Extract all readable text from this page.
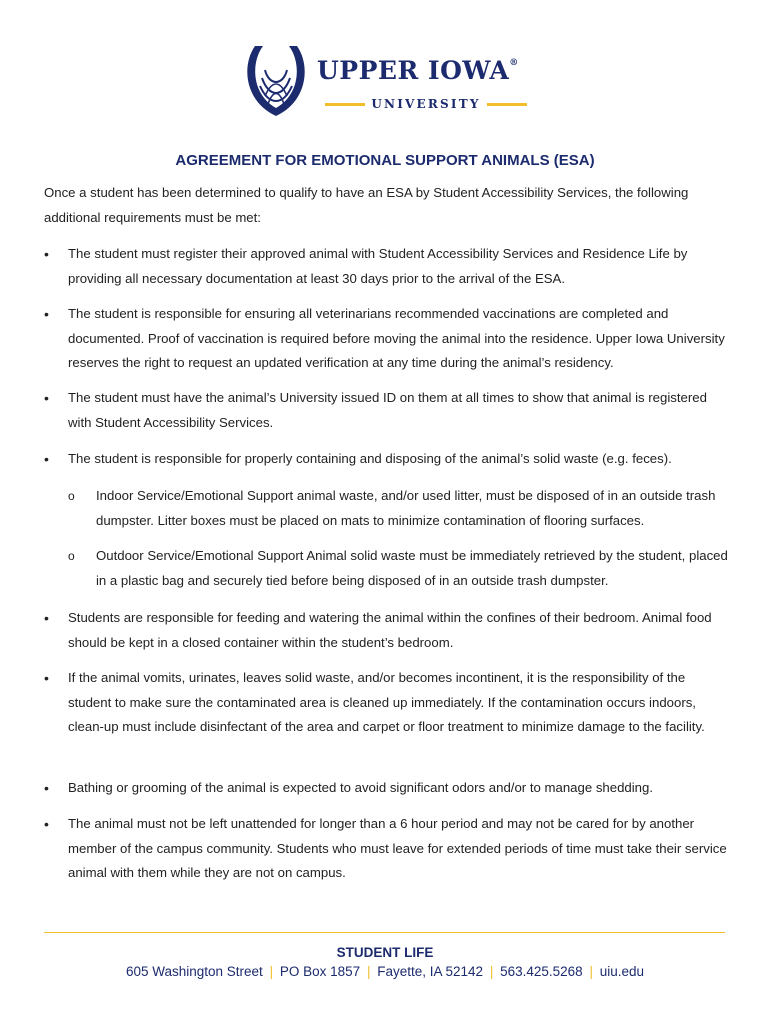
UPPER IOWA®
UNIVERSITY
AGREEMENT FOR EMOTIONAL SUPPORT ANIMALS (ESA)

Once a student has been determined to qualify to have an ESA by Student Accessibility Services, the following additional requirements must be met:

• The student must register their approved animal with Student Accessibility Services and Residence Life by providing all necessary documentation at least 30 days prior to the arrival of the ESA.
• The student is responsible for ensuring all veterinarians recommended vaccinations are completed and documented. Proof of vaccination is required before moving the animal into the residence. Upper Iowa University reserves the right to request an updated verification at any time during the animal’s residency.
• The student must have the animal’s University issued ID on them at all times to show that animal is registered with Student Accessibility Services.
• The student is responsible for properly containing and disposing of the animal’s solid waste (e.g. feces).
o Indoor Service/Emotional Support animal waste, and/or used litter, must be disposed of in an outside trash dumpster. Litter boxes must be placed on mats to minimize contamination of flooring surfaces.
o Outdoor Service/Emotional Support Animal solid waste must be immediately retrieved by the student, placed in a plastic bag and securely tied before being disposed of in an outside trash dumpster.
• Students are responsible for feeding and watering the animal within the confines of their bedroom. Animal food should be kept in a closed container within the student’s bedroom.
• If the animal vomits, urinates, leaves solid waste, and/or becomes incontinent, it is the responsibility of the student to make sure the contaminated area is cleaned up immediately. If the contamination occurs indoors, clean-up must include disinfectant of the area and carpet or floor treatment to minimize damage to the facility.
• Bathing or grooming of the animal is expected to avoid significant odors and/or to manage shedding.
• The animal must not be left unattended for longer than a 6 hour period and may not be cared for by another member of the campus community. Students who must leave for extended periods of time must take their service animal with them while they are not on campus.
STUDENT LIFE
605 Washington Street | PO Box 1857 | Fayette, IA 52142 | 563.425.5268 | uiu.edu
